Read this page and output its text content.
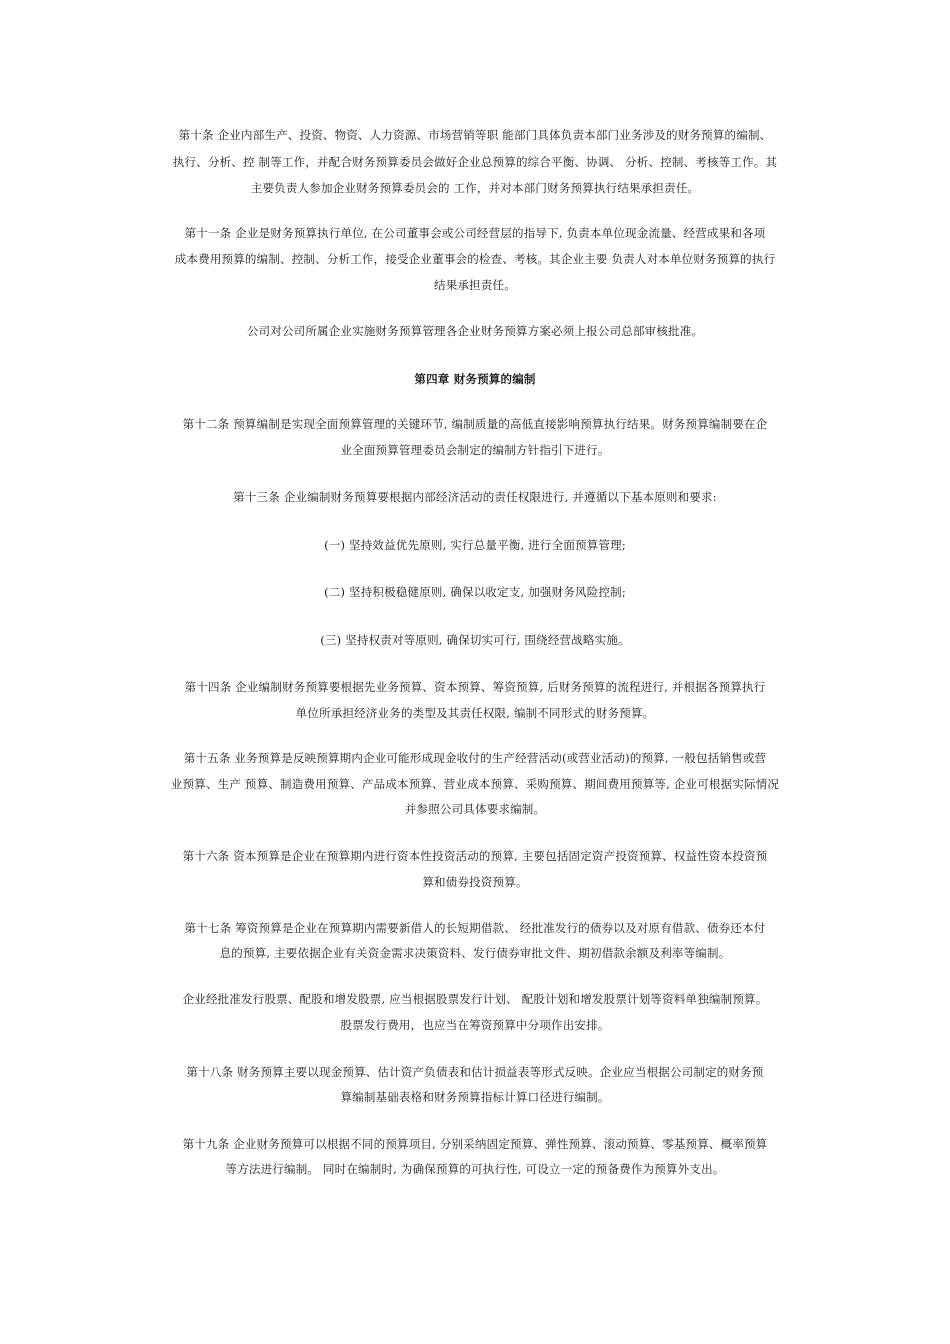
第十条 企业内部生产、投资、物资、人力资源、市场营销等职 能部门具体负责本部门业务涉及的财务预算的编制、
执行、分析、控 制等工作，并配合财务预算委员会做好企业总预算的综合平衡、协调、 分析、控制、考核等工作。其
主要负责人参加企业财务预算委员会的 工作，并对本部门财务预算执行结果承担责任。
第十一条 企业是财务预算执行单位, 在公司董事会或公司经营层的指导下, 负责本单位现金流量、经营成果和各项
成本费用预算的编制、控制、分析工作，接受企业董事会的检查、考核。其企业主要 负责人对本单位财务预算的执行
结果承担责任。
公司对公司所属企业实施财务预算管理各企业财务预算方案必须上报公司总部审核批准。
第四章 财务预算的编制
第十二条 预算编制是实现全面预算管理的关键环节, 编制质量的高低直接影响预算执行结果。财务预算编制要在企
业全面预算管理委员会制定的编制方针指引下进行。
第十三条 企业编制财务预算要根据内部经济活动的责任权限进行, 并遵循以下基本原则和要求:
(一) 坚持效益优先原则, 实行总量平衡, 进行全面预算管理;
(二) 坚持积极稳健原则, 确保以收定支, 加强财务风险控制;
(三) 坚持权责对等原则, 确保切实可行, 围绕经营战略实施。
第十四条 企业编制财务预算要根据先业务预算、资本预算、筹资预算, 后财务预算的流程进行, 并根据各预算执行
单位所承担经济业务的类型及其责任权限, 编制不同形式的财务预算。
第十五条 业务预算是反映预算期内企业可能形成现金收付的生产经营活动(或营业活动)的预算, 一般包括销售或营
业预算、生产 预算、制造费用预算、产品成本预算、营业成本预算、采购预算、期间费用预算等, 企业可根据实际情况
并参照公司具体要求编制。
第十六条 资本预算是企业在预算期内进行资本性投资活动的预算, 主要包括固定资产投资预算、权益性资本投资预
算和债券投资预算。
第十七条 筹资预算是企业在预算期内需要新借人的长短期借款、 经批准发行的债券以及对原有借款、债券还本付
息的预算, 主要依据企业有关资金需求决策资料、发行债券审批文件、期初借款余额及利率等编制。
企业经批准发行股票、配股和增发股票, 应当根据股票发行计划、 配股计划和增发股票计划等资料单独编制预算。
股票发行费用，也应当在筹资预算中分项作出安排。
第十八条 财务预算主要以现金预算、估计资产负债表和估计损益表等形式反映。企业应当根据公司制定的财务预
算编制基础表格和财务预算指标计算口径进行编制。
第十九条 企业财务预算可以根据不同的预算项目, 分别采纳固定预算、弹性预算、滚动预算、零基预算、概率预算
等方法进行编制。 同时在编制时, 为确保预算的可执行性, 可设立一定的预备费作为预算外支出。
